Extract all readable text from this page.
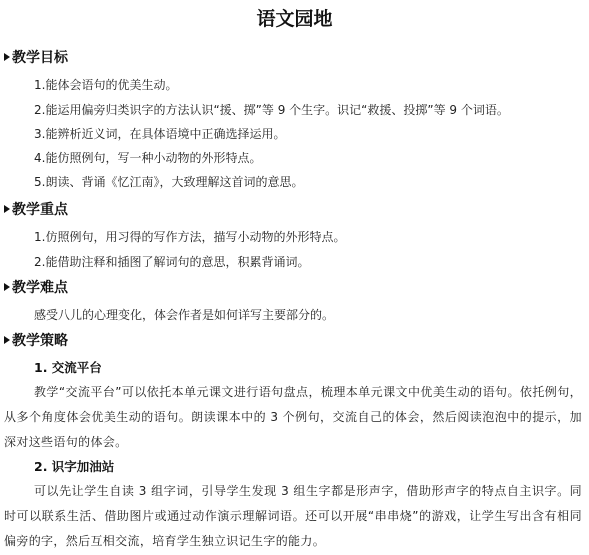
语文园地
教学目标
1.能体会语句的优美生动。
2.能运用偏旁归类识字的方法认识“援、掷”等 9 个生字。识记“救援、投掷”等 9 个词语。
3.能辨析近义词，在具体语境中正确选择运用。
4.能仿照例句，写一种小动物的外形特点。
5.朗读、背诵《忆江南》，大致理解这首词的意思。
教学重点
1.仿照例句，用习得的写作方法，描写小动物的外形特点。
2.能借助注释和插图了解词句的意思，积累背诵词。
教学难点
感受八儿的心理变化，体会作者是如何详写主要部分的。
教学策略
1. 交流平台
教学“交流平台”可以依托本单元课文进行语句盘点，梳理本单元课文中优美生动的语句。依托例句，从多个角度体会优美生动的语句。朗读课本中的 3 个例句，交流自己的体会，然后阅读泡泡中的提示，加深对这些语句的体会。
2. 识字加油站
可以先让学生自读 3 组字词，引导学生发现 3 组生字都是形声字，借助形声字的特点自主识字。同时可以联系生活、借助图片或通过动作演示理解词语。还可以开展“串串烧”的游戏，让学生写出含有相同偏旁的字，然后互相交流，培育学生独立识记生字的能力。
